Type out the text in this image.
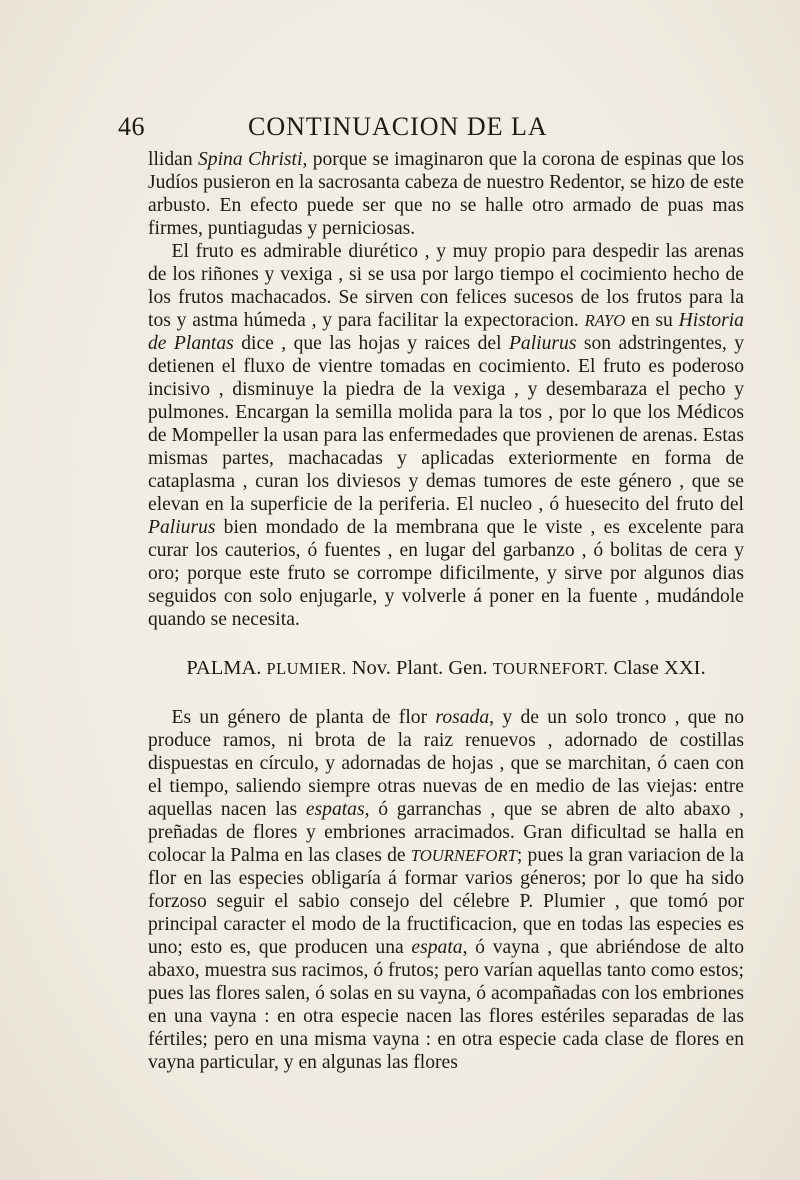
46	CONTINUACION DE LA

llidan Spina Christi, porque se imaginaron que la corona de espinas que los Judíos pusieron en la sacrosanta cabeza de nuestro Redentor, se hizo de este arbusto. En efecto puede ser que no se halle otro armado de puas mas firmes, puntiagudas y perniciosas.

El fruto es admirable diurético , y muy propio para despedir las arenas de los riñones y vexiga , si se usa por largo tiempo el cocimiento hecho de los frutos machacados. Se sirven con felices sucesos de los frutos para la tos y astma húmeda , y para facilitar la expectoracion. RAYO en su Historia de Plantas dice , que las hojas y raices del Paliurus son adstringentes, y detienen el fluxo de vientre tomadas en cocimiento. El fruto es poderoso incisivo , disminuye la piedra de la vexiga , y desembaraza el pecho y pulmones. Encargan la semilla molida para la tos , por lo que los Médicos de Mompeller la usan para las enfermedades que provienen de arenas. Estas mismas partes, machacadas y aplicadas exteriormente en forma de cataplasma , curan los diviesos y demas tumores de este género , que se elevan en la superficie de la periferia. El nucleo , ó huesecito del fruto del Paliurus bien mondado de la membrana que le viste , es excelente para curar los cauterios, ó fuentes , en lugar del garbanzo , ó bolitas de cera y oro; porque este fruto se corrompe dificilmente, y sirve por algunos dias seguidos con solo enjugarle, y volverle á poner en la fuente , mudándole quando se necesita.

PALMA. PLUMIER. Nov. Plant. Gen. TOURNEFORT. Clase XXI.

Es un género de planta de flor rosada, y de un solo tronco , que no produce ramos, ni brota de la raiz renuevos , adornado de costillas dispuestas en círculo, y adornadas de hojas , que se marchitan, ó caen con el tiempo, saliendo siempre otras nuevas de en medio de las viejas: entre aquellas nacen las espatas, ó garranchas , que se abren de alto abaxo , preñadas de flores y embriones arracimados. Gran dificultad se halla en colocar la Palma en las clases de TOURNEFORT; pues la gran variacion de la flor en las especies obligaría á formar varios géneros; por lo que ha sido forzoso seguir el sabio consejo del célebre P. Plumier , que tomó por principal caracter el modo de la fructificacion, que en todas las especies es uno; esto es, que producen una espata, ó vayna , que abriéndose de alto abaxo, muestra sus racimos, ó frutos; pero varían aquellas tanto como estos; pues las flores salen, ó solas en su vayna, ó acompañadas con los embriones en una vayna : en otra especie nacen las flores estériles separadas de las fértiles; pero en una misma vayna : en otra especie cada clase de flores en vayna particular, y en algunas las flores
